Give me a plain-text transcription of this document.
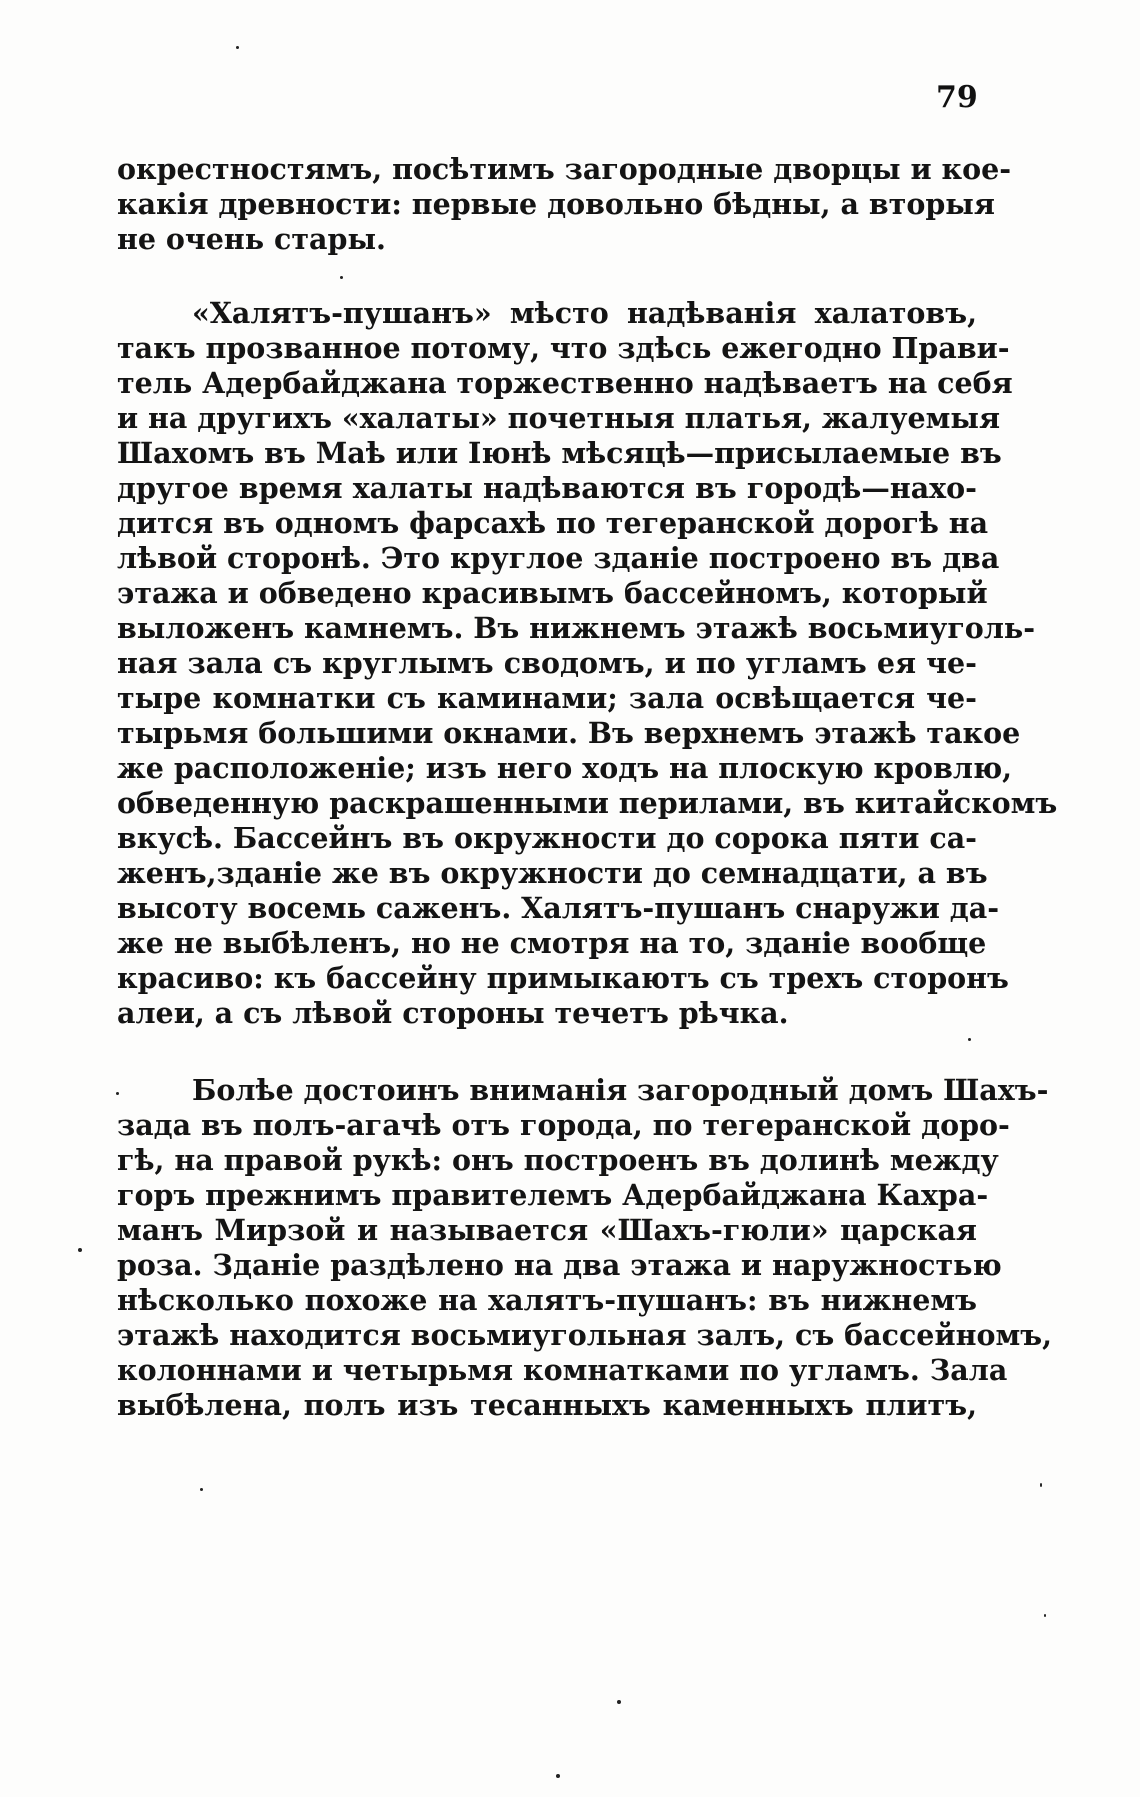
79
окрестностямъ, посѣтимъ загородные дворцы и кое-
какія древности: первые довольно бѣдны, а вторыя
не очень стары.
«Халятъ-пушанъ» мѣсто надѣванія халатовъ,
такъ прозванное потому, что здѣсь ежегодно Прави-
тель Адербайджана торжественно надѣваетъ на себя
и на другихъ «халаты» почетныя платья, жалуемыя
Шахомъ въ Маѣ или Іюнѣ мѣсяцѣ—присылаемые въ
другое время халаты надѣваются въ городѣ—нахо-
дится въ одномъ фарсахѣ по тегеранской дорогѣ на
лѣвой сторонѣ. Это круглое зданіе построено въ два
этажа и обведено красивымъ бассейномъ, который
выложенъ камнемъ. Въ нижнемъ этажѣ восьмиуголь-
ная зала съ круглымъ сводомъ, и по угламъ ея че-
тыре комнатки съ каминами; зала освѣщается че-
тырьмя большими окнами. Въ верхнемъ этажѣ такое
же расположеніе; изъ него ходъ на плоскую кровлю,
обведенную раскрашенными перилами, въ китайскомъ
вкусѣ. Бассейнъ въ окружности до сорока пяти са-
женъ,зданіе же въ окружности до семнадцати, а въ
высоту восемь саженъ. Халятъ-пушанъ снаружи да-
же не выбѣленъ, но не смотря на то, зданіе вообще
красиво: къ бассейну примыкаютъ съ трехъ сторонъ
алеи, а съ лѣвой стороны течетъ рѣчка.
Болѣе достоинъ вниманія загородный домъ Шахъ-
зада въ полъ-агачѣ отъ города, по тегеранской доро-
гѣ, на правой рукѣ: онъ построенъ въ долинѣ между
горъ прежнимъ правителемъ Адербайджана Кахра-
манъ Мирзой и называется «Шахъ-гюли» царская
роза. Зданіе раздѣлено на два этажа и наружностью
нѣсколько похоже на халятъ-пушанъ: въ нижнемъ
этажѣ находится восьмиугольная залъ, съ бассейномъ,
колоннами и четырьмя комнатками по угламъ. Зала
выбѣлена, полъ изъ тесанныхъ каменныхъ плитъ,
